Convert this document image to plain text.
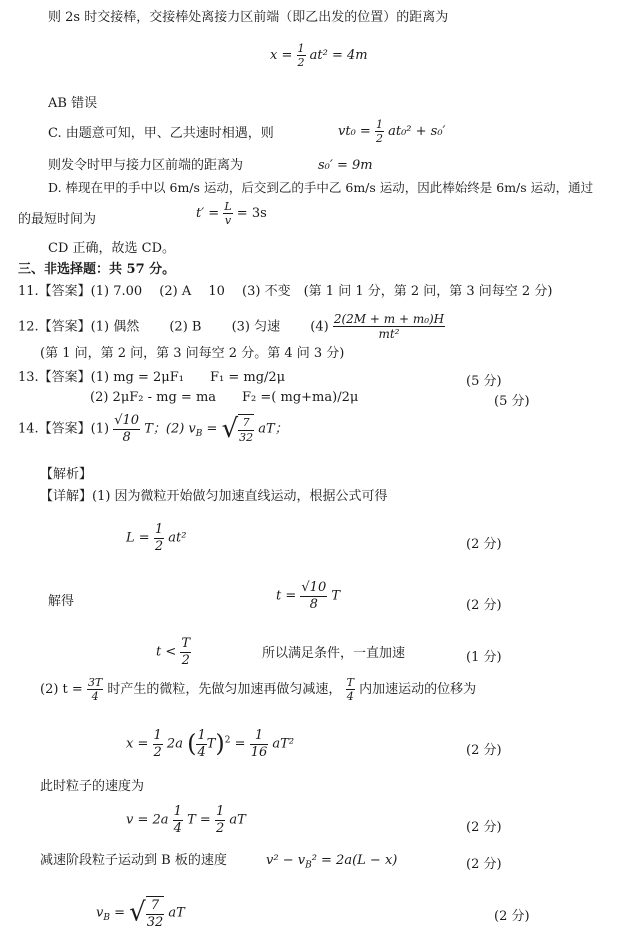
则 2s 时交接棒，交接棒处离接力区前端（即乙出发的位置）的距离为
$x = \frac{1}{2} at^2 = 4m$
AB 错误
C. 由题意可知，甲、乙共速时相遇，则	$vt_0 = \frac{1}{2} at_0^2 + s_0'$
则发令时甲与接力区前端的距离为	s₀′ = 9m
D. 棒现在甲的手中以 6m/s 运动，后交到乙的手中乙 6m/s 运动，因此棒始终是 6m/s 运动，通过
的最短时间为	$t' = \frac{L}{v} = 3s$
CD 正确，故选 CD。
三、非选择题：共 57 分。
11.【答案】(1) 7.00　 (2) A　 10　 (3) 不变　(第 1 问 1 分，第 2 问，第 3 问每空 2 分)
12.【答案】(1) 偶然　　 (2) B　　 (3) 匀速　　 $(4) \frac{\text{2(2M + m + m₀)H}}{\text{mt²}}$
(第 1 问，第 2 问，第 3 问每空 2 分。第 4 问 3 分)
13.【答案】(1) mg = 2μF₁　　F₁ = mg/2μ	(5 分)
(2) 2μF₂ - mg = ma　　F₂ =( mg+ma)/2μ	(5 分)
14.【答案】$(1) \frac{√10}{8}$ T；(2) $v_B$ = √ $\frac{7}{32}$ aT；
【解析】
【详解】(1) 因为微粒开始做匀加速直线运动，根据公式可得
$L = \frac{1}{2} at^2$	(2 分)
解得	$t = \frac{√10}{8}$ T
(2 分)
$t < \frac{T}{2}$	所以满足条件，一直加速	(1 分)
(2) $t = \frac{3T}{4}$ 时产生的微粒，先做匀加速再做匀减速， $\frac{T}{4}$ 内加速运动的位移为
$x = \frac{1}{2} 2a$ ( $\frac{1}{4} T)^2 = \frac{1}{16} aT^2$	(2 分)
此时粒子的速度为
$v = 2a \frac{1}{4}$ $T = \frac{1}{2}$ aT	(2 分)
减速阶段粒子运动到 B 板的速度	$v^2 - v_B^2 = 2a(L - x)$	(2 分)
$v_B$ = √ $\frac{7}{32}$ aT	(2 分)
